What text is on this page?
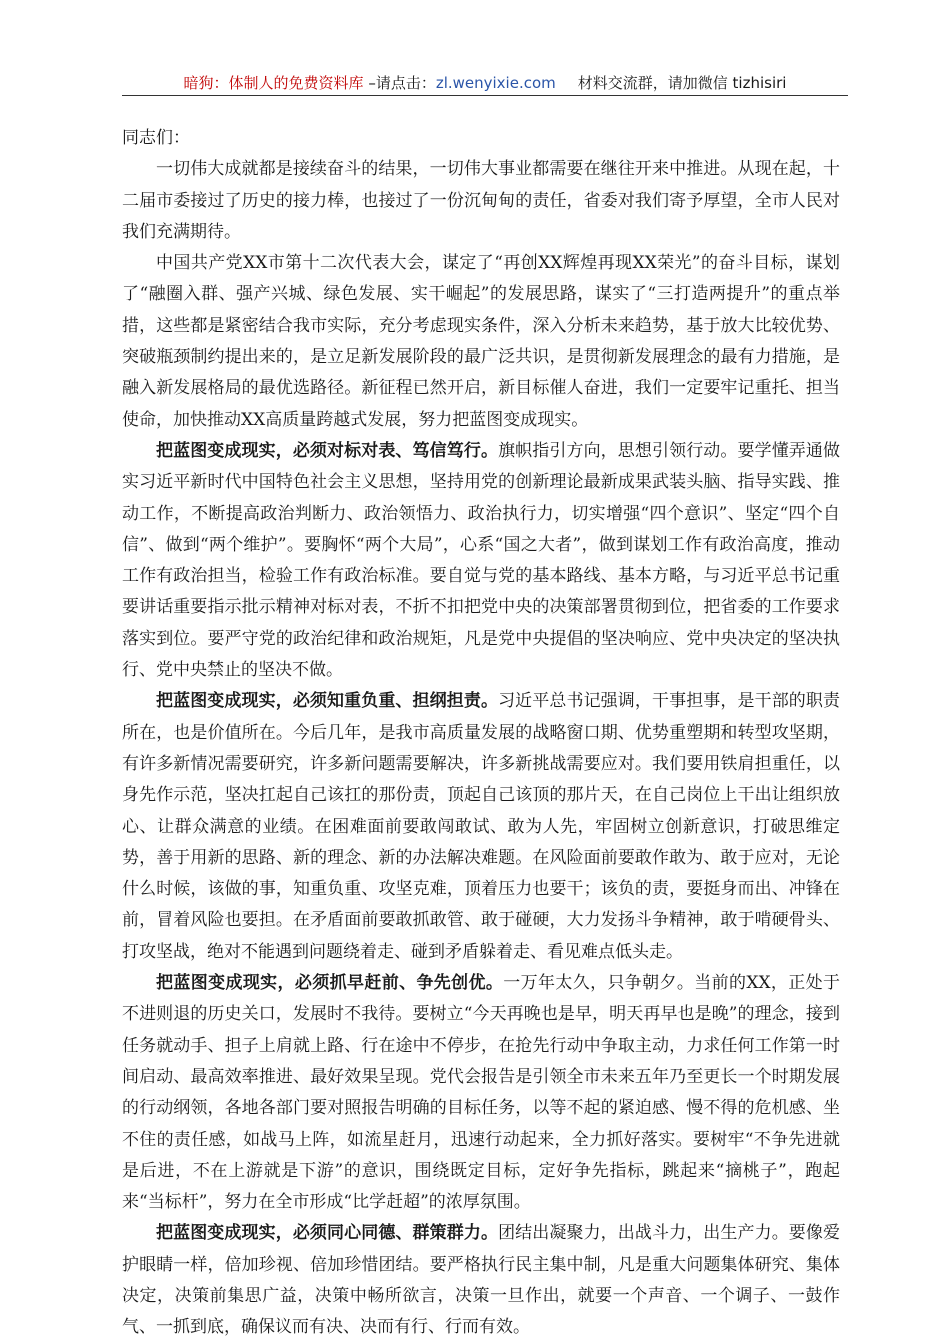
暗狗：体制人的免费资料库 –请点击：zl.wenyixie.com 材料交流群，请加微信 tizhisiri

同志们：

一切伟大成就都是接续奋斗的结果，一切伟大事业都需要在继往开来中推进。从现在起，十二届市委接过了历史的接力棒，也接过了一份沉甸甸的责任，省委对我们寄予厚望，全市人民对我们充满期待。

中国共产党XX市第十二次代表大会，谋定了“再创XX辉煌再现XX荣光”的奋斗目标，谋划了“融圈入群、强产兴城、绿色发展、实干崛起”的发展思路，谋实了“三打造两提升”的重点举措，这些都是紧密结合我市实际，充分考虑现实条件，深入分析未来趋势，基于放大比较优势、突破瓶颈制约提出来的，是立足新发展阶段的最广泛共识，是贯彻新发展理念的最有力措施，是融入新发展格局的最优选路径。新征程已然开启，新目标催人奋进，我们一定要牢记重托、担当使命，加快推动XX高质量跨越式发展，努力把蓝图变成现实。

把蓝图变成现实，必须对标对表、笃信笃行。旗帜指引方向，思想引领行动。要学懂弄通做实习近平新时代中国特色社会主义思想，坚持用党的创新理论最新成果武装头脑、指导实践、推动工作，不断提高政治判断力、政治领悟力、政治执行力，切实增强“四个意识”、坚定“四个自信”、做到“两个维护”。要胸怀“两个大局”，心系“国之大者”，做到谋划工作有政治高度，推动工作有政治担当，检验工作有政治标准。要自觉与党的基本路线、基本方略，与习近平总书记重要讲话重要指示批示精神对标对表，不折不扣把党中央的决策部署贯彻到位，把省委的工作要求落实到位。要严守党的政治纪律和政治规矩，凡是党中央提倡的坚决响应、党中央决定的坚决执行、党中央禁止的坚决不做。

把蓝图变成现实，必须知重负重、担纲担责。习近平总书记强调，干事担事，是干部的职责所在，也是价值所在。今后几年，是我市高质量发展的战略窗口期、优势重塑期和转型攻坚期，有许多新情况需要研究，许多新问题需要解决，许多新挑战需要应对。我们要用铁肩担重任，以身先作示范，坚决扛起自己该扛的那份责，顶起自己该顶的那片天，在自己岗位上干出让组织放心、让群众满意的业绩。在困难面前要敢闯敢试、敢为人先，牢固树立创新意识，打破思维定势，善于用新的思路、新的理念、新的办法解决难题。在风险面前要敢作敢为、敢于应对，无论什么时候，该做的事，知重负重、攻坚克难，顶着压力也要干；该负的责，要挺身而出、冲锋在前，冒着风险也要担。在矛盾面前要敢抓敢管、敢于碰硬，大力发扬斗争精神，敢于啃硬骨头、打攻坚战，绝对不能遇到问题绕着走、碰到矛盾躲着走、看见难点低头走。

把蓝图变成现实，必须抓早赶前、争先创优。一万年太久，只争朝夕。当前的XX，正处于不进则退的历史关口，发展时不我待。要树立“今天再晚也是早，明天再早也是晚”的理念，接到任务就动手、担子上肩就上路、行在途中不停步，在抢先行动中争取主动，力求任何工作第一时间启动、最高效率推进、最好效果呈现。党代会报告是引领全市未来五年乃至更长一个时期发展的行动纲领，各地各部门要对照报告明确的目标任务，以等不起的紧迫感、慢不得的危机感、坐不住的责任感，如战马上阵，如流星赶月，迅速行动起来，全力抓好落实。要树牢“不争先进就是后进，不在上游就是下游”的意识，围绕既定目标，定好争先指标，跳起来“摘桃子”，跑起来“当标杆”，努力在全市形成“比学赶超”的浓厚氛围。

把蓝图变成现实，必须同心同德、群策群力。团结出凝聚力，出战斗力，出生产力。要像爱护眼睛一样，倍加珍视、倍加珍惜团结。要严格执行民主集中制，凡是重大问题集体研究、集体决定，决策前集思广益，决策中畅所欲言，决策一旦作出，就要一个声音、一个调子、一鼓作气、一抓到底，确保议而有决、决而有行、行而有效。
